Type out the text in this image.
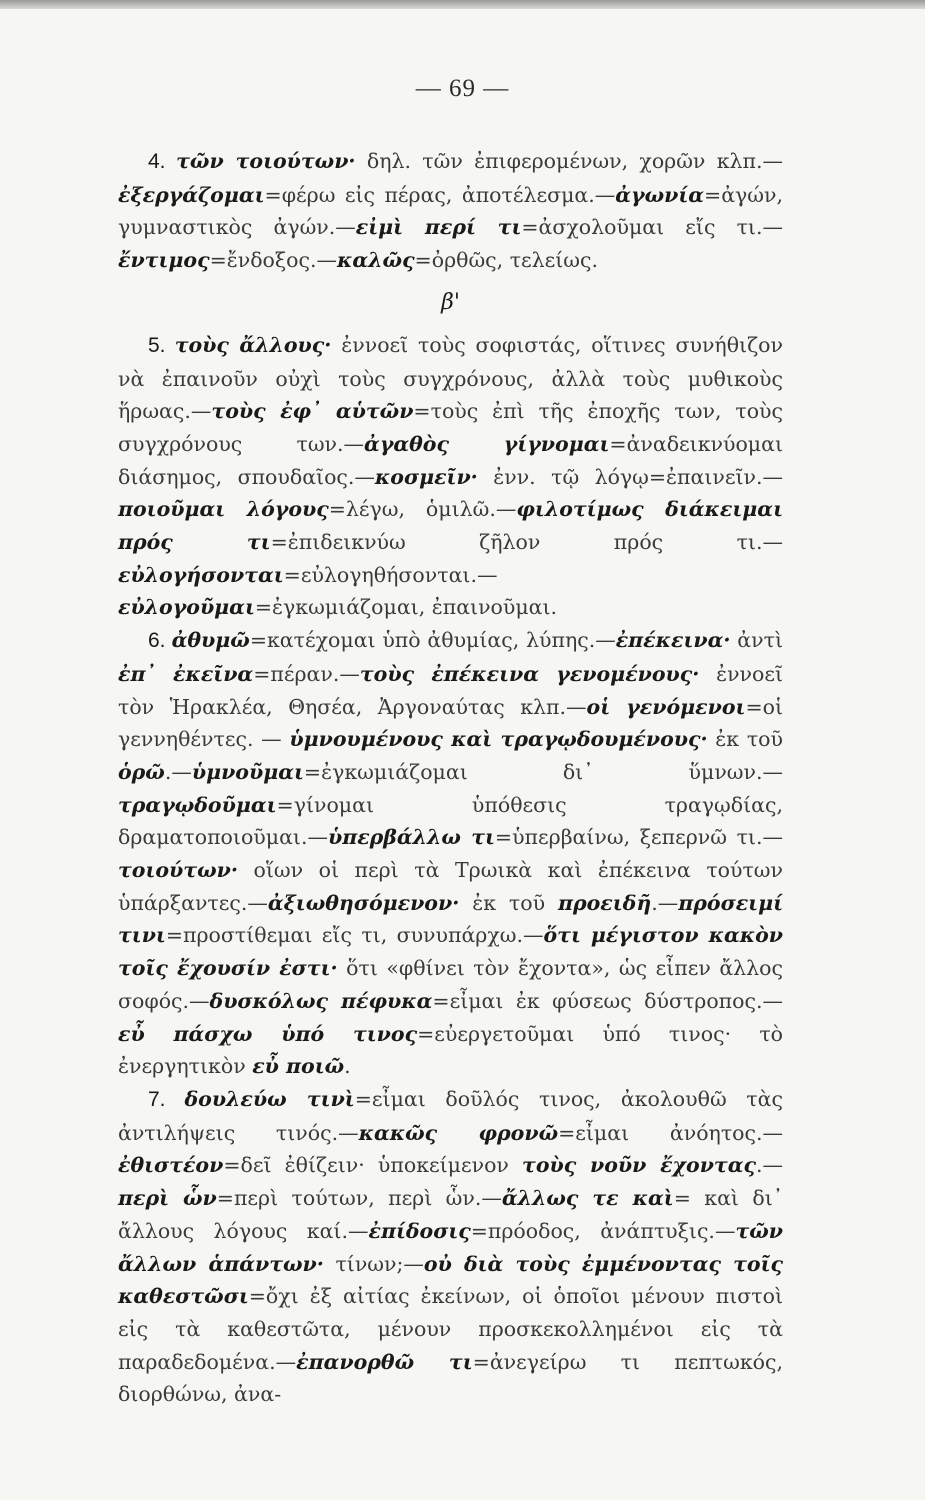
— 69 —

4. τῶν τοιούτων· δηλ. τῶν ἐπιφερομένων, χορῶν κλπ.—ἐξεργάζομαι=φέρω εἰς πέρας, ἀποτέλεσμα.—ἀγωνία=ἀγών, γυμναστικὸς ἀγών.—εἰμὶ περί τι=ἀσχολοῦμαι εἴς τι.—ἔντιμος=ἔνδοξος.—καλῶς=ὀρθῶς, τελείως.

β'

5. τοὺς ἄλλους· ἐννοεῖ τοὺς σοφιστάς, οἵτινες συνήθιζον νὰ ἐπαινοῦν οὐχὶ τοὺς συγχρόνους, ἀλλὰ τοὺς μυθικοὺς ἥρωας.—τοὺς ἐφ᾽ αὑτῶν=τοὺς ἐπὶ τῆς ἐποχῆς των, τοὺς συγχρόνους των.—ἀγαθὸς γίγνομαι=ἀναδεικνύομαι διάσημος, σπουδαῖος.—κοσμεῖν· ἐνν. τῷ λόγῳ=ἐπαινεῖν.—ποιοῦμαι λόγους=λέγω, ὁμιλῶ.—φιλοτίμως διάκειμαι πρός τι=ἐπιδεικνύω ζῆλον πρός τι.—εὐλογήσονται=εὐλογηθήσονται.—εὐλογοῦμαι=ἐγκωμιάζομαι, ἐπαινοῦμαι.

6. ἀθυμῶ=κατέχομαι ὑπὸ ἀθυμίας, λύπης.—ἐπέκεινα· ἀντὶ ἐπ᾽ ἐκεῖνα=πέραν.—τοὺς ἐπέκεινα γενομένους· ἐννοεῖ τὸν Ἡρακλέα, Θησέα, Ἀργοναύτας κλπ.—οἱ γενόμενοι=οἱ γεννηθέντες. — ὑμνουμένους καὶ τραγῳδουμένους· ἐκ τοῦ ὁρῶ.—ὑμνοῦμαι=ἐγκωμιάζομαι δι᾽ ὕμνων.—τραγῳδοῦμαι=γίνομαι ὑπόθεσις τραγῳδίας, δραματοποιοῦμαι.—ὑπερβάλλω τι=ὑπερβαίνω, ξεπερνῶ τι.—τοιούτων· οἵων οἱ περὶ τὰ Τρωικὰ καὶ ἐπέκεινα τούτων ὑπάρξαντες.—ἀξιωθησόμενον· ἐκ τοῦ προειδῆ.—πρόσειμί τινι=προστίθεμαι εἴς τι, συνυπάρχω.—ὅτι μέγιστον κακὸν τοῖς ἔχουσίν ἐστι· ὅτι «φθίνει τὸν ἔχοντα», ὡς εἶπεν ἄλλος σοφός.—δυσκόλως πέφυκα=εἶμαι ἐκ φύσεως δύστροπος.—εὖ πάσχω ὑπό τινος=εὐεργετοῦμαι ὑπό τινος· τὸ ἐνεργητικὸν εὖ ποιῶ.

7. δουλεύω τινὶ=εἶμαι δοῦλός τινος, ἀκολουθῶ τὰς ἀντιλήψεις τινός.—κακῶς φρονῶ=εἶμαι ἀνόητος.—ἐθιστέον=δεῖ ἐθίζειν· ὑποκείμενον τοὺς νοῦν ἔχοντας.—περὶ ὧν=περὶ τούτων, περὶ ὧν.—ἄλλως τε καὶ= καὶ δι᾽ ἄλλους λόγους καί.—ἐπίδοσις=πρόοδος, ἀνάπτυξις.—τῶν ἄλλων ἁπάντων· τίνων;—οὐ διὰ τοὺς ἐμμένοντας τοῖς καθεστῶσι=ὄχι ἐξ αἰτίας ἐκείνων, οἱ ὁποῖοι μένουν πιστοὶ εἰς τὰ καθεστῶτα, μένουν προσκεκολλημένοι εἰς τὰ παραδεδομένα.—ἐπανορθῶ τι=ἀνεγείρω τι πεπτωκός, διορθώνω, ἀνα-
